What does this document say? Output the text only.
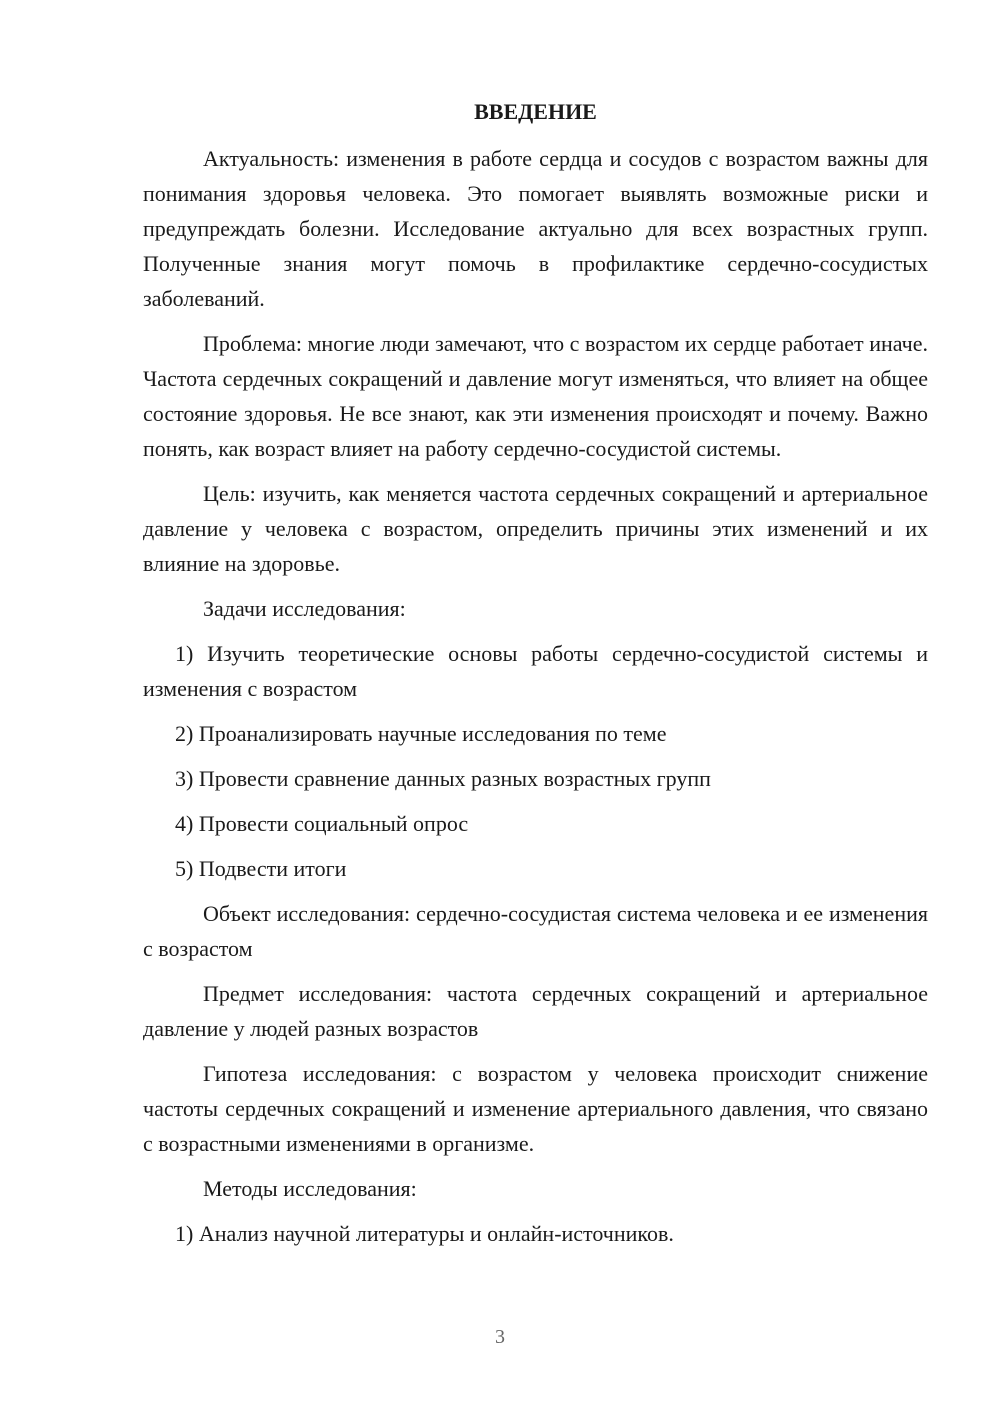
ВВЕДЕНИЕ

Актуальность: изменения в работе сердца и сосудов с возрастом важны для понимания здоровья человека. Это помогает выявлять возможные риски и предупреждать болезни. Исследование актуально для всех возрастных групп. Полученные знания могут помочь в профилактике сердечно-сосудистых заболеваний.

Проблема: многие люди замечают, что с возрастом их сердце работает иначе. Частота сердечных сокращений и давление могут изменяться, что влияет на общее состояние здоровья. Не все знают, как эти изменения происходят и почему. Важно понять, как возраст влияет на работу сердечно-сосудистой системы.

Цель: изучить, как меняется частота сердечных сокращений и артериальное давление у человека с возрастом, определить причины этих изменений и их влияние на здоровье.

Задачи исследования:

1) Изучить теоретические основы работы сердечно-сосудистой системы и изменения с возрастом

2) Проанализировать научные исследования по теме

3) Провести сравнение данных разных возрастных групп

4) Провести социальный опрос

5) Подвести итоги

Объект исследования: сердечно-сосудистая система человека и ее изменения с возрастом

Предмет исследования: частота сердечных сокращений и артериальное давление у людей разных возрастов

Гипотеза исследования: с возрастом у человека происходит снижение частоты сердечных сокращений и изменение артериального давления, что связано с возрастными изменениями в организме.

Методы исследования:

1) Анализ научной литературы и онлайн-источников.

3
